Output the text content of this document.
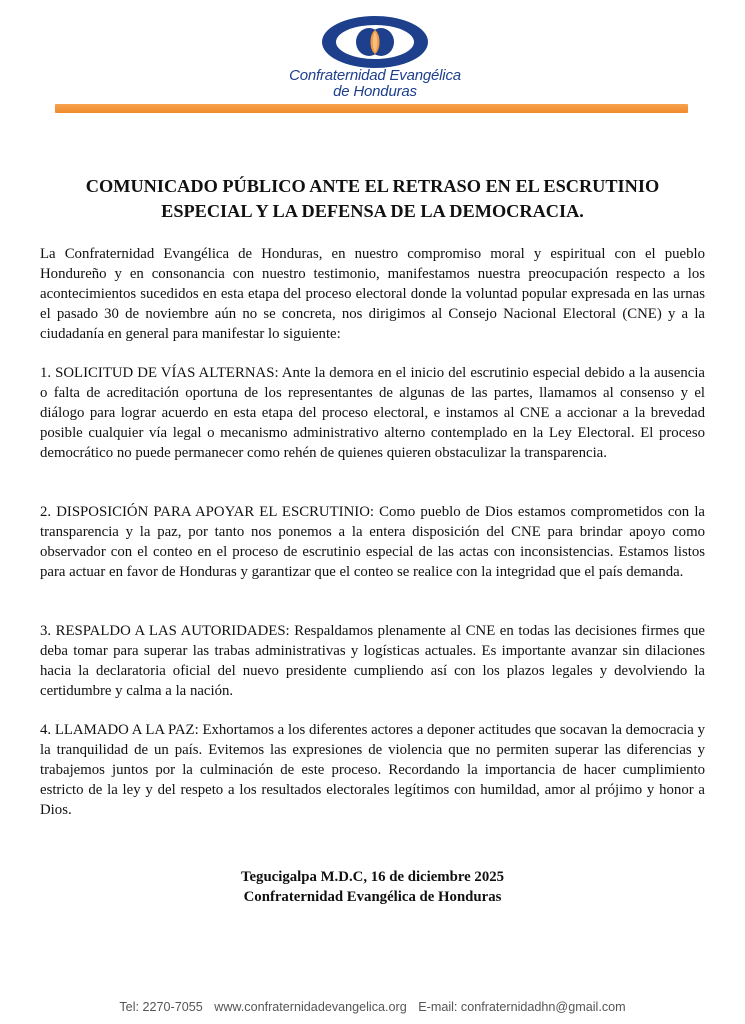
Confraternidad Evangélica
de Honduras
COMUNICADO PÚBLICO ANTE EL RETRASO EN EL ESCRUTINIO
ESPECIAL Y LA DEFENSA DE LA DEMOCRACIA.

La Confraternidad Evangélica de Honduras, en nuestro compromiso moral y espiritual con el pueblo Hondureño y en consonancia con nuestro testimonio, manifestamos nuestra preocupación respecto a los acontecimientos sucedidos en esta etapa del proceso electoral donde la voluntad popular expresada en las urnas el pasado 30 de noviembre aún no se concreta, nos dirigimos al Consejo Nacional Electoral (CNE) y a la ciudadanía en general para manifestar lo siguiente:

1. SOLICITUD DE VÍAS ALTERNAS: Ante la demora en el inicio del escrutinio especial debido a la ausencia o falta de acreditación oportuna de los representantes de algunas de las partes, llamamos al consenso y el diálogo para lograr acuerdo en esta etapa del proceso electoral, e instamos al CNE a accionar a la brevedad posible cualquier vía legal o mecanismo administrativo alterno contemplado en la Ley Electoral. El proceso democrático no puede permanecer como rehén de quienes quieren obstaculizar la transparencia.

2. DISPOSICIÓN PARA APOYAR EL ESCRUTINIO: Como pueblo de Dios estamos comprometidos con la transparencia y la paz, por tanto nos ponemos a la entera disposición del CNE para brindar apoyo como observador con el conteo en el proceso de escrutinio especial de las actas con inconsistencias. Estamos listos para actuar en favor de Honduras y garantizar que el conteo se realice con la integridad que el país demanda.

3. RESPALDO A LAS AUTORIDADES: Respaldamos plenamente al CNE en todas las decisiones firmes que deba tomar para superar las trabas administrativas y logísticas actuales. Es importante avanzar sin dilaciones hacia la declaratoria oficial del nuevo presidente cumpliendo así con los plazos legales y devolviendo la certidumbre y calma a la nación.

4. LLAMADO A LA PAZ: Exhortamos a los diferentes actores a deponer actitudes que socavan la democracia y la tranquilidad de un país. Evitemos las expresiones de violencia que no permiten superar las diferencias y trabajemos juntos por la culminación de este proceso. Recordando la importancia de hacer cumplimiento estricto de la ley y del respeto a los resultados electorales legítimos con humildad, amor al prójimo y honor a Dios.

Tegucigalpa M.D.C, 16 de diciembre 2025
Confraternidad Evangélica de Honduras
Tel: 2270-7055 www.confraternidadevangelica.org E-mail: confraternidadhn@gmail.com
